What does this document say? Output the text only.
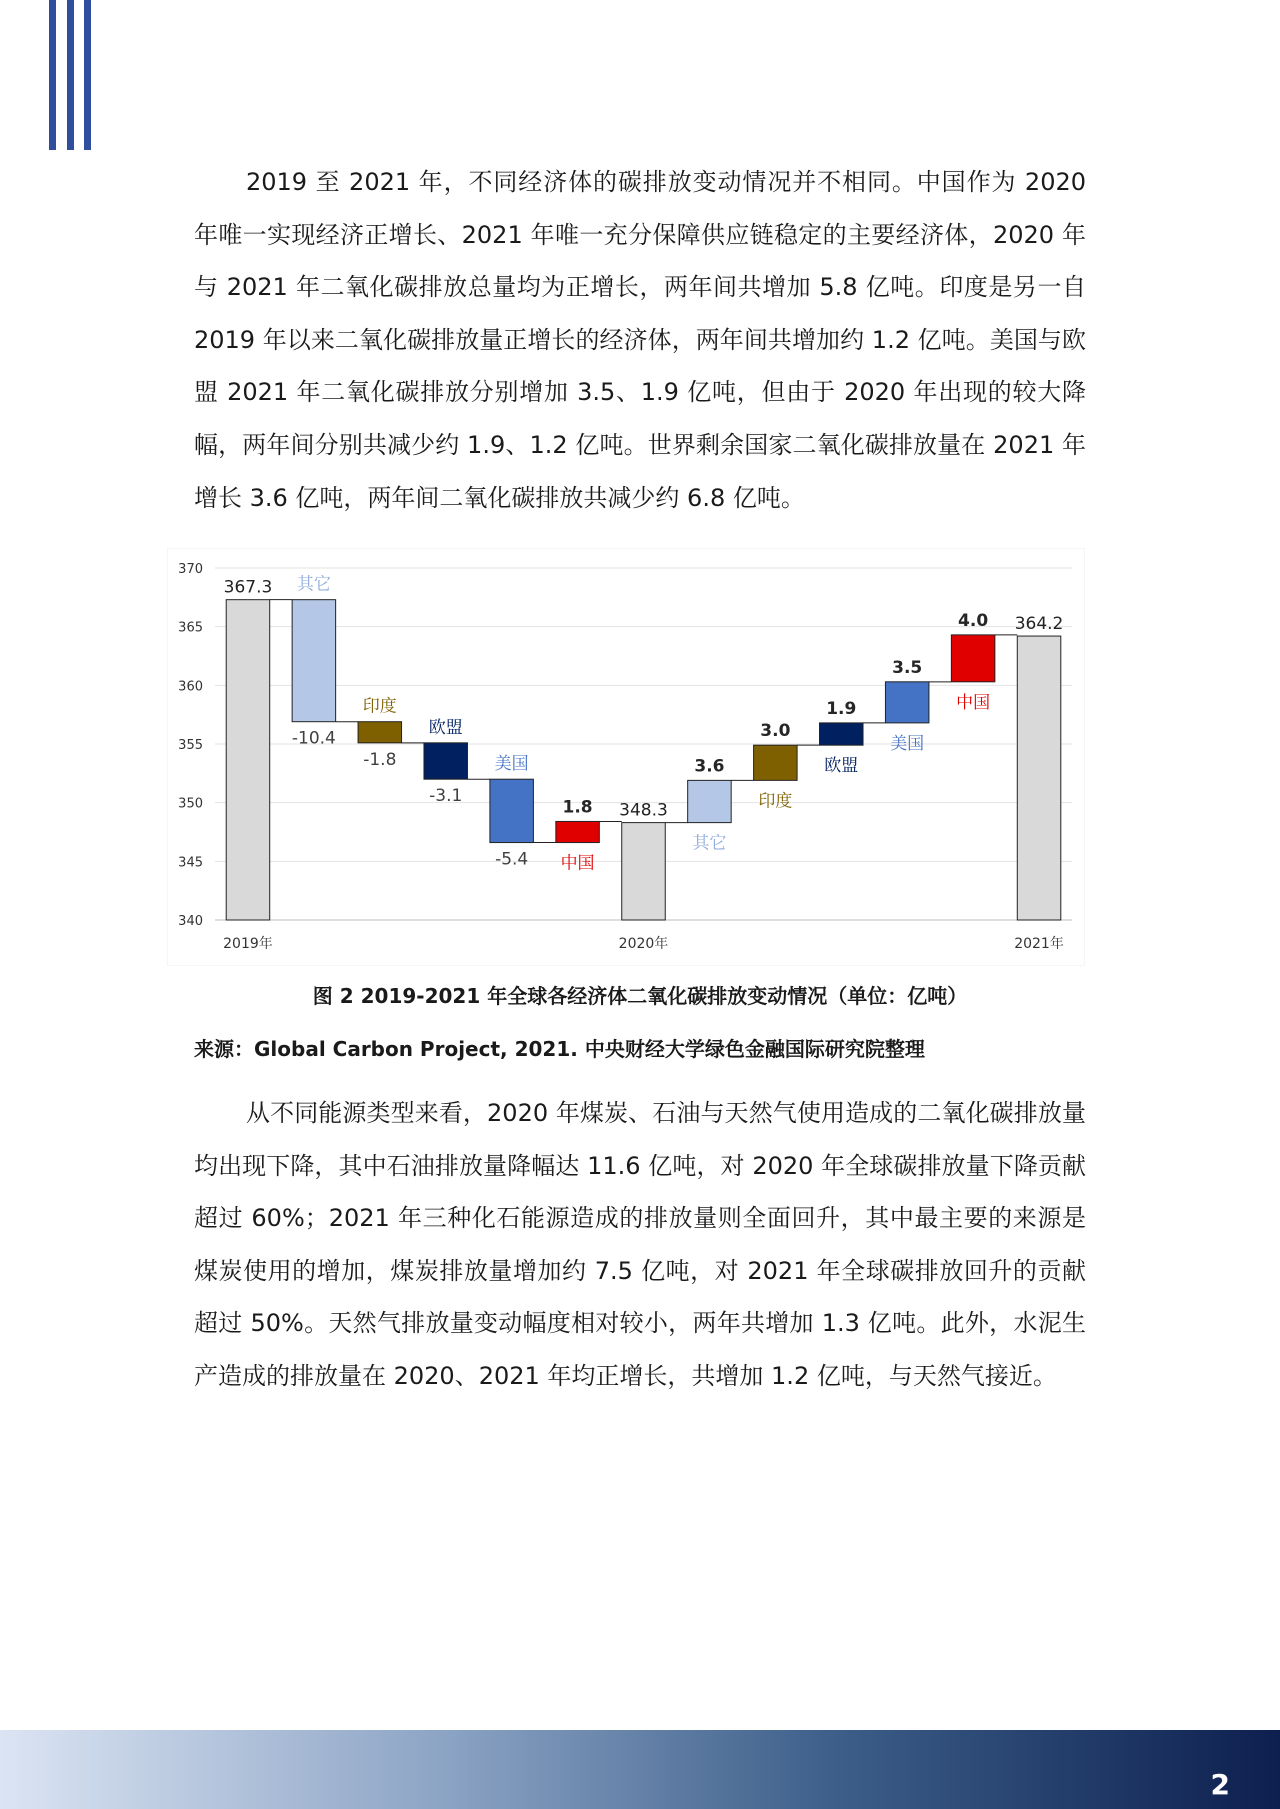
2019 至 2021 年，不同经济体的碳排放变动情况并不相同。中国作为 2020 年唯一实现经济正增长、2021 年唯一充分保障供应链稳定的主要经济体，2020 年与 2021 年二氧化碳排放总量均为正增长，两年间共增加 5.8 亿吨。印度是另一自 2019 年以来二氧化碳排放量正增长的经济体，两年间共增加约 1.2 亿吨。美国与欧盟 2021 年二氧化碳排放分别增加 3.5、1.9 亿吨，但由于 2020 年出现的较大降幅，两年间分别共减少约 1.9、1.2 亿吨。世界剩余国家二氧化碳排放量在 2021 年增长 3.6 亿吨，两年间二氧化碳排放共减少约 6.8 亿吨。

340
345
350
355
360
365
370
367.3
2019年
-10.4
其它
-1.8
印度
-3.1
欧盟
-5.4
美国
1.8
中国
348.3
2020年
3.6
其它
3.0
印度
1.9
欧盟
3.5
美国
4.0
中国
364.2
2021年

图 2 2019-2021 年全球各经济体二氧化碳排放变动情况（单位：亿吨）

来源：Global Carbon Project, 2021. 中央财经大学绿色金融国际研究院整理

从不同能源类型来看，2020 年煤炭、石油与天然气使用造成的二氧化碳排放量均出现下降，其中石油排放量降幅达 11.6 亿吨，对 2020 年全球碳排放量下降贡献超过 60%；2021 年三种化石能源造成的排放量则全面回升，其中最主要的来源是煤炭使用的增加，煤炭排放量增加约 7.5 亿吨，对 2021 年全球碳排放回升的贡献超过 50%。天然气排放量变动幅度相对较小，两年共增加 1.3 亿吨。此外，水泥生产造成的排放量在 2020、2021 年均正增长，共增加 1.2 亿吨，与天然气接近。

2
